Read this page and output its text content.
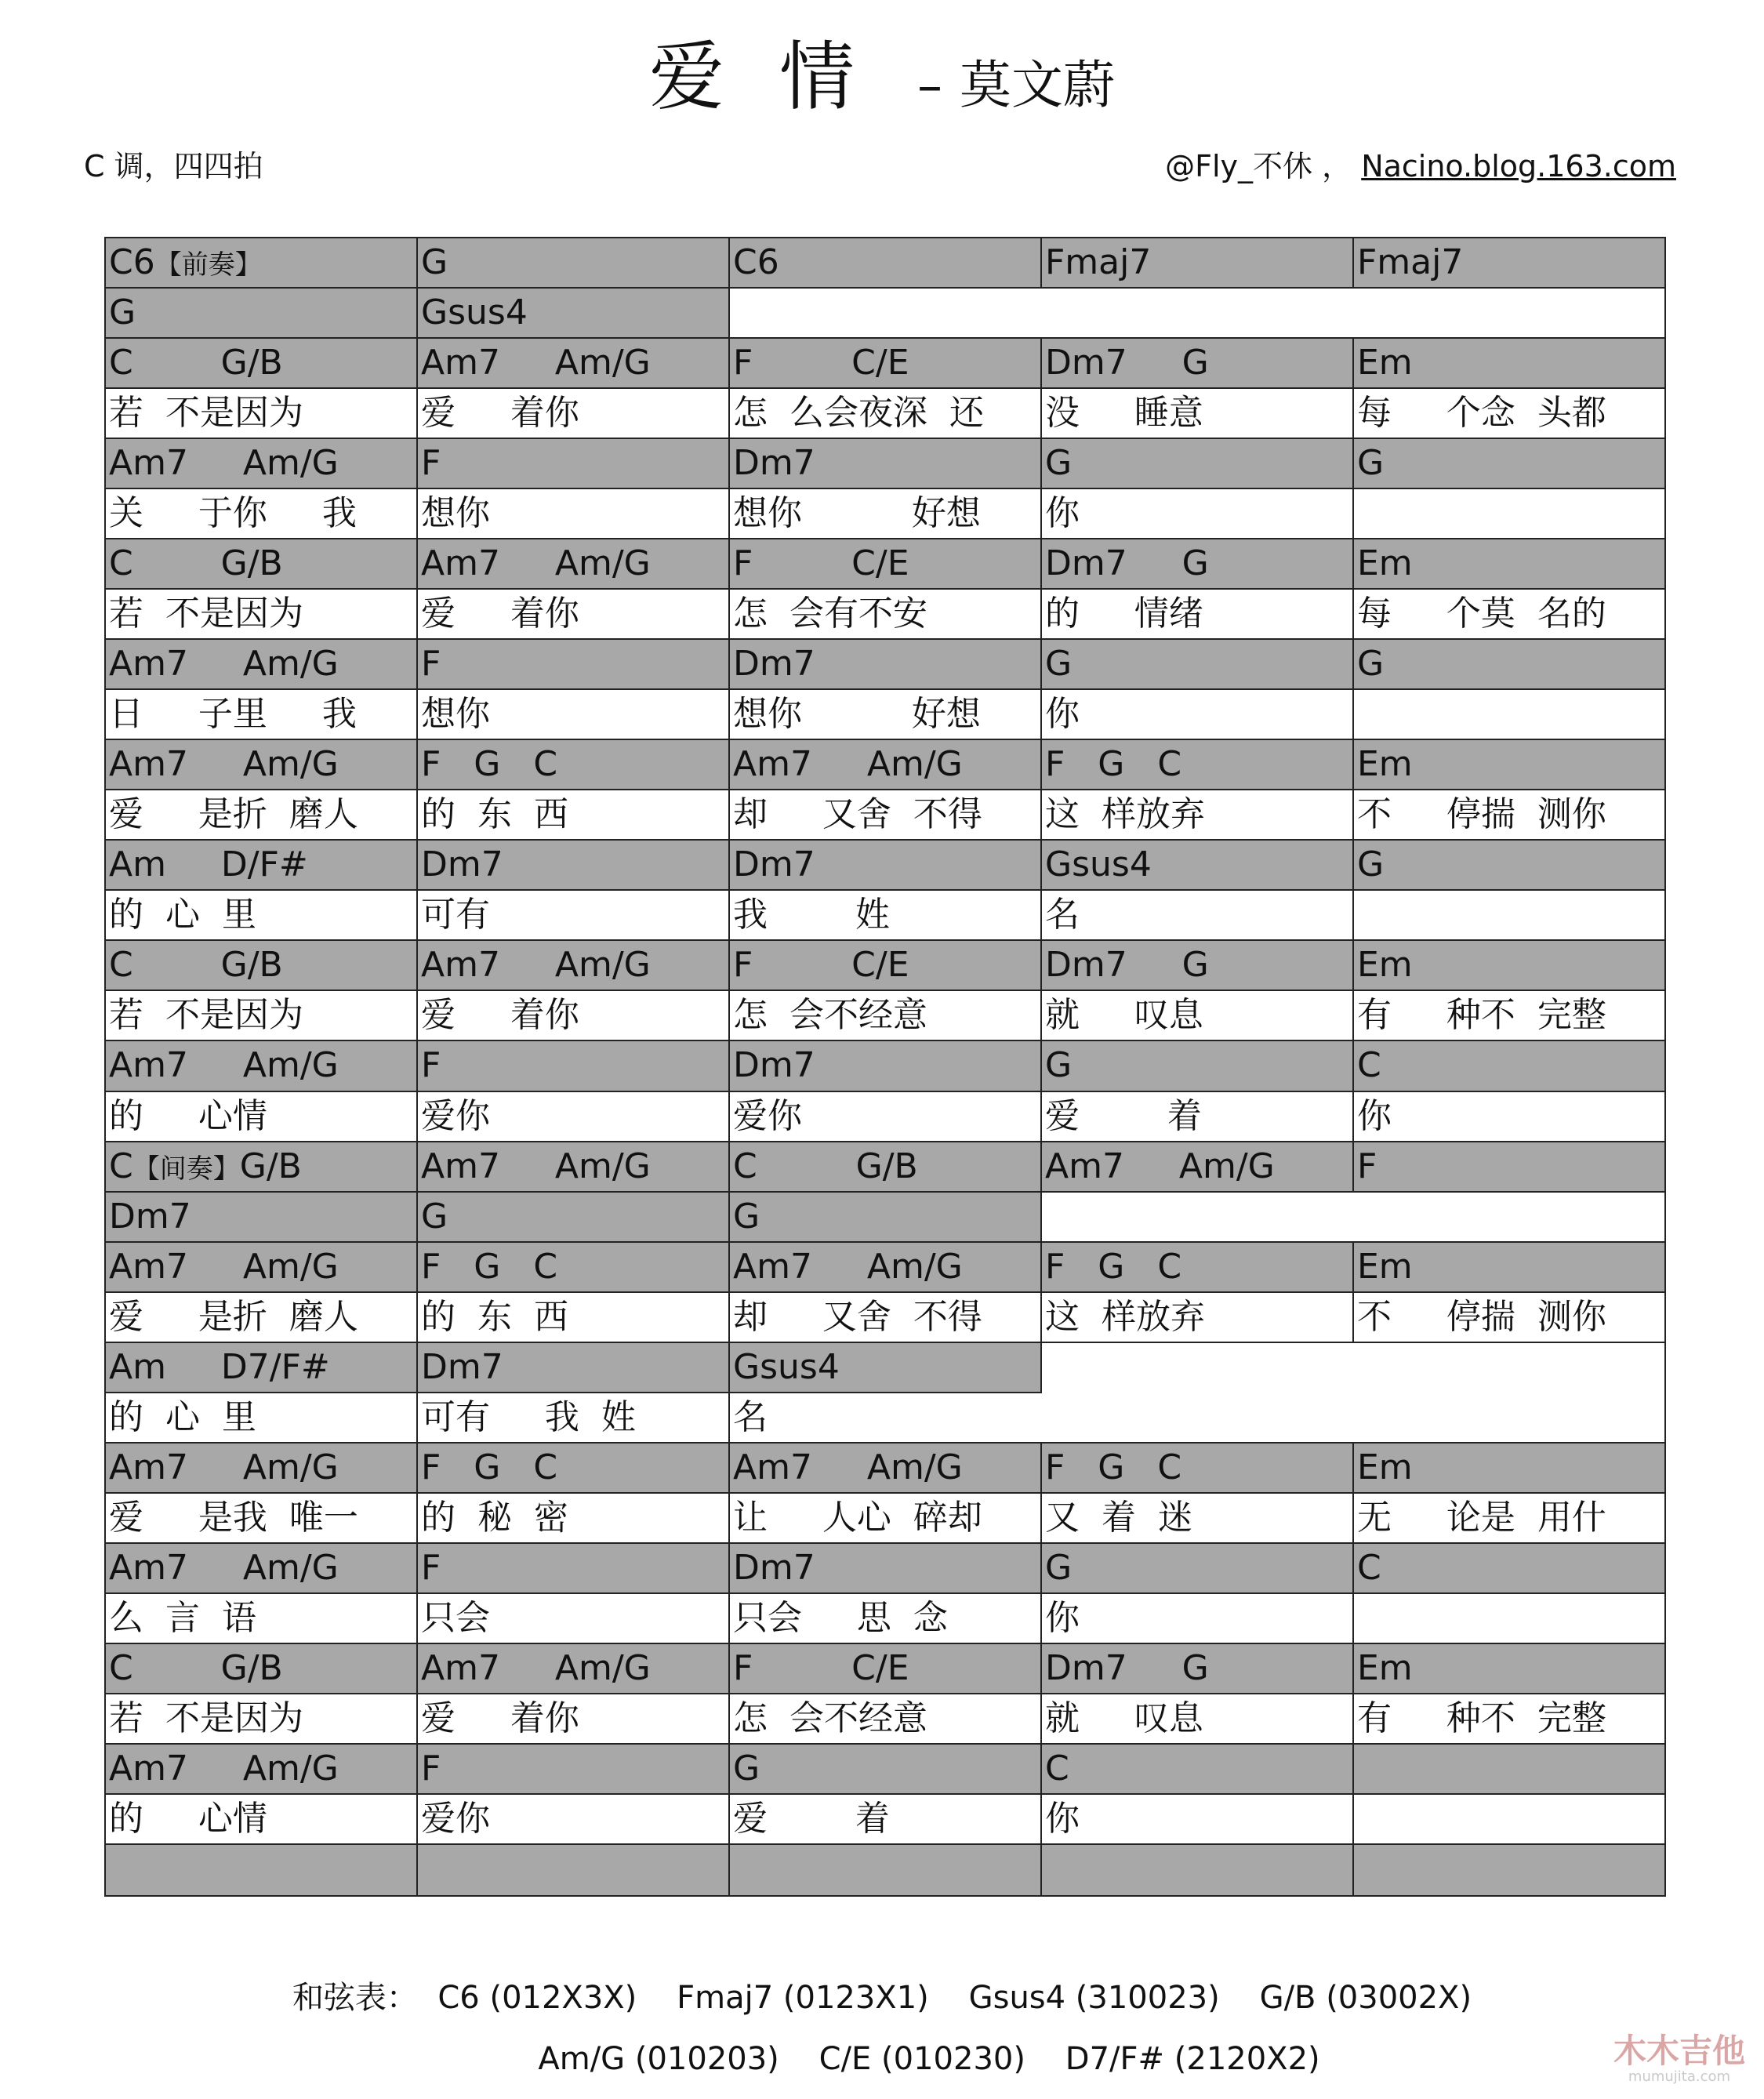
爱情 – 莫文蔚
C 调，四四拍	@Fly_不休 ， Nacino.blog.163.com
C6【前奏】	G	C6	Fmaj7	Fmaj7
G	Gsus4
C        G/B	Am7     Am/G	F         C/E	Dm7     G	Em
若  不是因为	爱     着你	怎  么会夜深  还	没     睡意	每     个念  头都
Am7     Am/G	F	Dm7	G	G
关     于你     我	想你	想你          好想	你
C        G/B	Am7     Am/G	F         C/E	Dm7     G	Em
若  不是因为	爱     着你	怎  会有不安	的     情绪	每     个莫  名的
Am7     Am/G	F	Dm7	G	G
日     子里     我	想你	想你          好想	你
Am7     Am/G	F   G   C	Am7     Am/G	F   G   C	Em
爱     是折  磨人	的  东  西	却     又舍  不得	这  样放弃	不     停揣  测你
Am     D/F#	Dm7	Dm7	Gsus4	G
的  心  里	可有	我        姓	名
C        G/B	Am7     Am/G	F         C/E	Dm7     G	Em
若  不是因为	爱     着你	怎  会不经意	就     叹息	有     种不  完整
Am7     Am/G	F	Dm7	G	C
的     心情	爱你	爱你	爱        着	你
C【间奏】G/B	Am7     Am/G	C         G/B	Am7     Am/G	F
Dm7	G	G
Am7     Am/G	F   G   C	Am7     Am/G	F   G   C	Em
爱     是折  磨人	的  东  西	却     又舍  不得	这  样放弃	不     停揣  测你
Am     D7/F#	Dm7	Gsus4
的  心  里	可有     我  姓	名
Am7     Am/G	F   G   C	Am7     Am/G	F   G   C	Em
爱     是我  唯一	的  秘  密	让     人心  碎却	又  着  迷	无     论是  用什
Am7     Am/G	F	Dm7	G	C
么  言  语	只会	只会     思  念	你
C        G/B	Am7     Am/G	F         C/E	Dm7     G	Em
若  不是因为	爱     着你	怎  会不经意	就     叹息	有     种不  完整
Am7     Am/G	F	G	C
的     心情	爱你	爱        着	你
和弦表：  C6 (012X3X)    Fmaj7 (0123X1)    Gsus4 (310023)    G/B (03002X)
Am/G (010203)    C/E (010230)    D7/F# (2120X2)	木木吉他
mumujita.com
